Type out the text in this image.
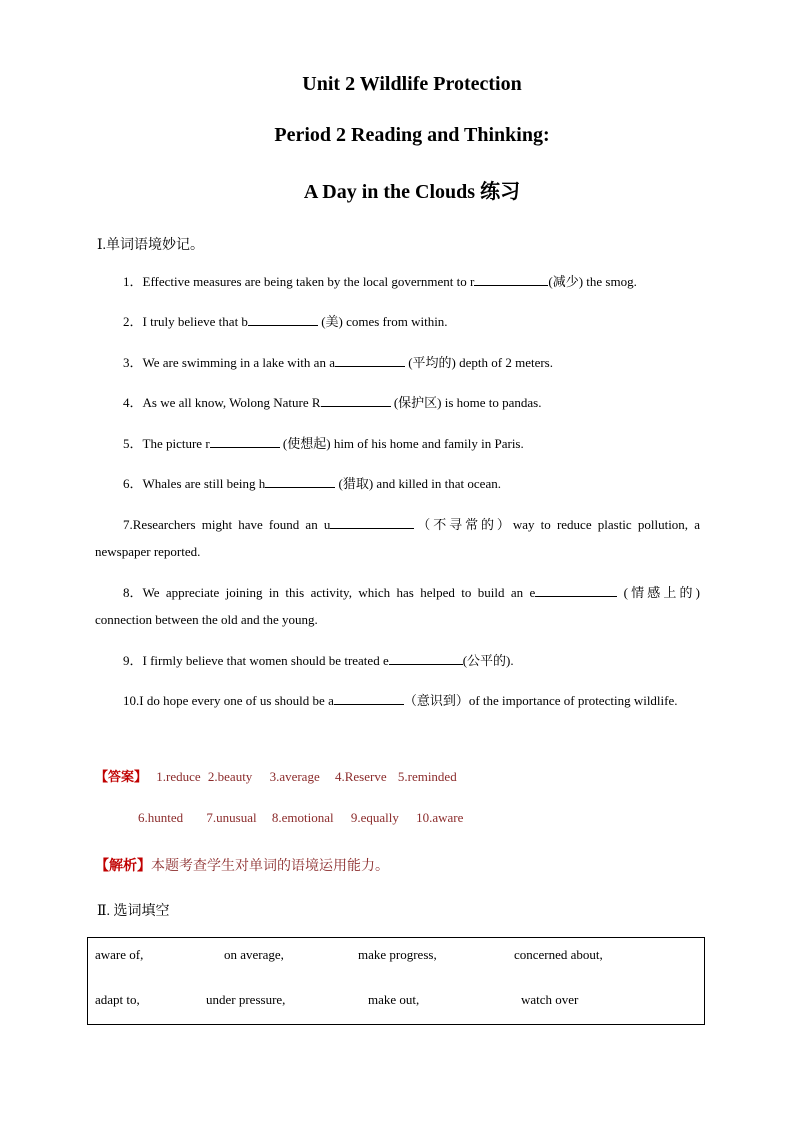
Unit 2 Wildlife Protection
Period 2 Reading and Thinking:
A Day in the Clouds 练习
Ⅰ.单词语境妙记。
1．Effective measures are being taken by the local government to r	(减少) the smog.
2．I truly believe that b	(美) comes from within.
3．We are swimming in a lake with an a	(平均的) depth of 2 meters.
4．As we all know, Wolong Nature R	(保护区) is home to pandas.
5．The picture r	(使想起) him of his home and family in Paris.
6．Whales are still being h	(猎取) and killed in that ocean.
7.Researchers might have found an u	（不寻常的）way to reduce plastic pollution, a newspaper reported.
8．We appreciate joining in this activity, which has helped to build an e	(情感上的) connection between the old and the young.
9．I firmly believe that women should be treated e	(公平的).
10.I do hope every one of us should be a	（意识到）of the importance of protecting wildlife.
【答案】 1.reduce 2.beauty 3.average 4.Reserve 5.reminded
6.hunted 7.unusual 8.emotional 9.equally 10.aware
【解析】本题考查学生对单词的语境运用能力。
Ⅱ. 选词填空
aware of,	on average,	make progress,	concerned about,
adapt to,	under pressure,	make out,	watch over
